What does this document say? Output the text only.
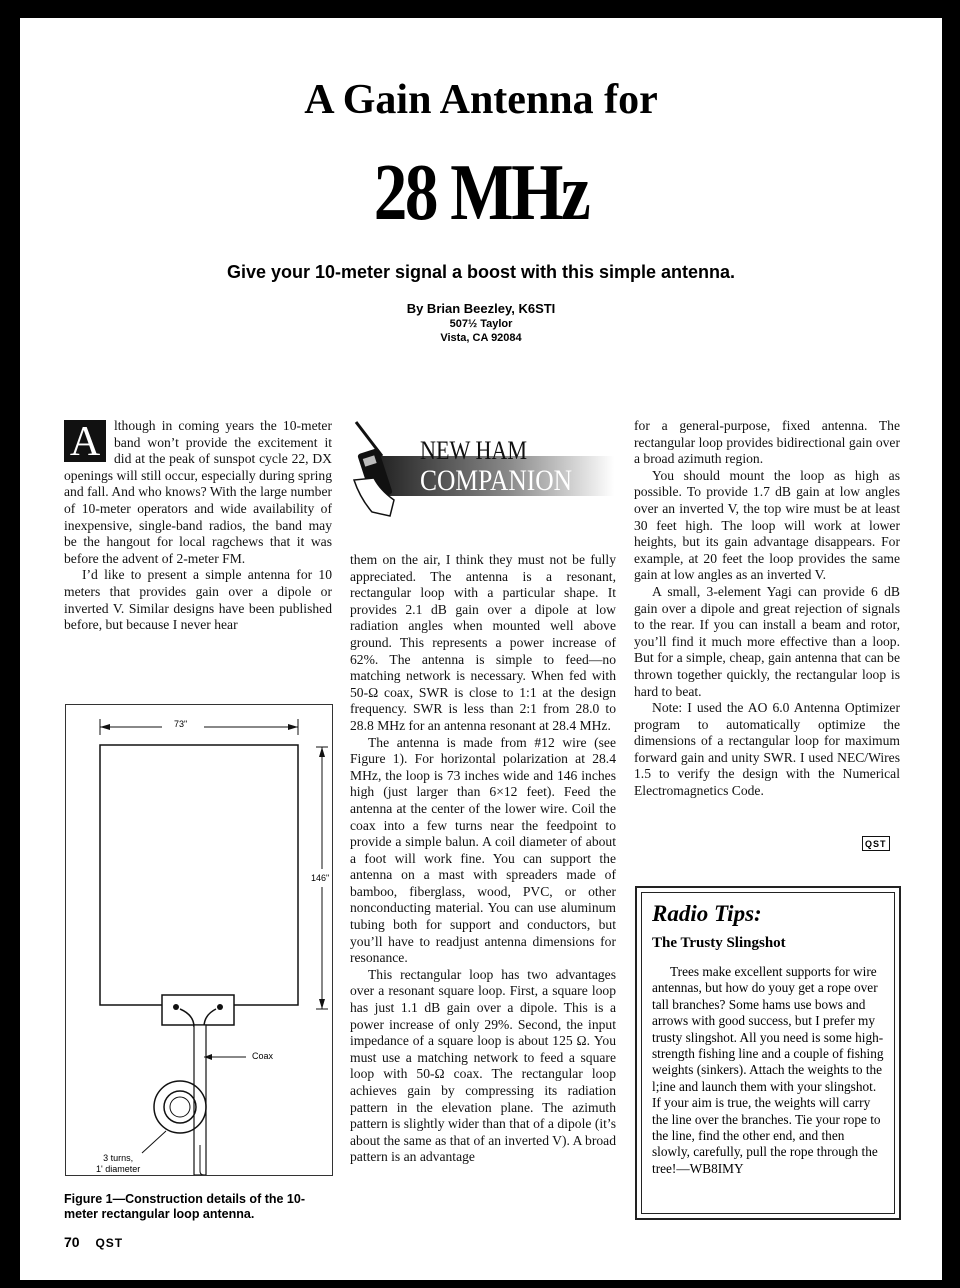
A Gain Antenna for
28 MHz
Give your 10-meter signal a boost with this simple antenna.
By Brian Beezley, K6STI
507½ Taylor
Vista, CA 92084

A	lthough in coming years the 10-meter band won’t provide the excitement it did at the peak of sunspot cycle 22, DX openings will still occur, especially during spring and fall. And who knows? With the large number of 10-meter operators and wide availability of inexpensive, single-band radios, the band may be the hangout for local ragchews that it was before the advent of 2-meter FM.

I’d like to present a simple antenna for 10 meters that provides gain over a dipole or inverted V. Similar designs have been published before, but because I never hear

NEW HAM
COMPANION

them on the air, I think they must not be fully appreciated. The antenna is a resonant, rectangular loop with a particular shape. It provides 2.1 dB gain over a dipole at low radiation angles when mounted well above ground. This represents a power increase of 62%. The antenna is simple to feed—no matching network is necessary. When fed with 50-Ω coax, SWR is close to 1:1 at the design frequency. SWR is less than 2:1 from 28.0 to 28.8 MHz for an antenna resonant at 28.4 MHz.

The antenna is made from #12 wire (see Figure 1). For horizontal polarization at 28.4 MHz, the loop is 73 inches wide and 146 inches high (just larger than 6×12 feet). Feed the antenna at the center of the lower wire. Coil the coax into a few turns near the feedpoint to provide a simple balun. A coil diameter of about a foot will work fine. You can support the antenna on a mast with spreaders made of bamboo, fiberglass, wood, PVC, or other nonconducting material. You can use aluminum tubing both for support and conductors, but you’ll have to readjust antenna dimensions for resonance.

This rectangular loop has two advantages over a resonant square loop. First, a square loop has just 1.1 dB gain over a dipole. This is a power increase of only 29%. Second, the input impedance of a square loop is about 125 Ω. You must use a matching network to feed a square loop with 50-Ω coax. The rectangular loop achieves gain by compressing its radiation pattern in the elevation plane. The azimuth pattern is slightly wider than that of a dipole (it’s about the same as that of an inverted V). A broad pattern is an advantage

for a general-purpose, fixed antenna. The rectangular loop provides bidirectional gain over a broad azimuth region.

You should mount the loop as high as possible. To provide 1.7 dB gain at low angles over an inverted V, the top wire must be at least 30 feet high. The loop will work at lower heights, but its gain advantage disappears. For example, at 20 feet the loop provides the same gain at low angles as an inverted V.

A small, 3-element Yagi can provide 6 dB gain over a dipole and great rejection of signals to the rear. If you can install a beam and rotor, you’ll find it much more effective than a loop. But for a simple, cheap, gain antenna that can be thrown together quickly, the rectangular loop is hard to beat.

Note: I used the AO 6.0 Antenna Optimizer program to automatically optimize the dimensions of a rectangular loop for maximum forward gain and unity SWR. I used NEC/Wires 1.5 to verify the design with the Numerical Electromagnetics Code.

QST
73"
146"
Coax
3 turns,
1' diameter
Figure 1—Construction details of the 10-meter rectangular loop antenna.
Radio Tips:
The Trusty Slingshot
Trees make excellent supports for wire antennas, but how do youy get a rope over tall branches? Some hams use bows and arrows with good success, but I prefer my trusty slingshot. All you need is some high-strength fishing line and a couple of fishing weights (sinkers). Attach the weights to the l;ine and launch them with your slingshot. If your aim is true, the weights will carry the line over the branches. Tie your rope to the line, find the other end, and then slowly, carefully, pull the rope through the tree!—WB8IMY
70 QST
